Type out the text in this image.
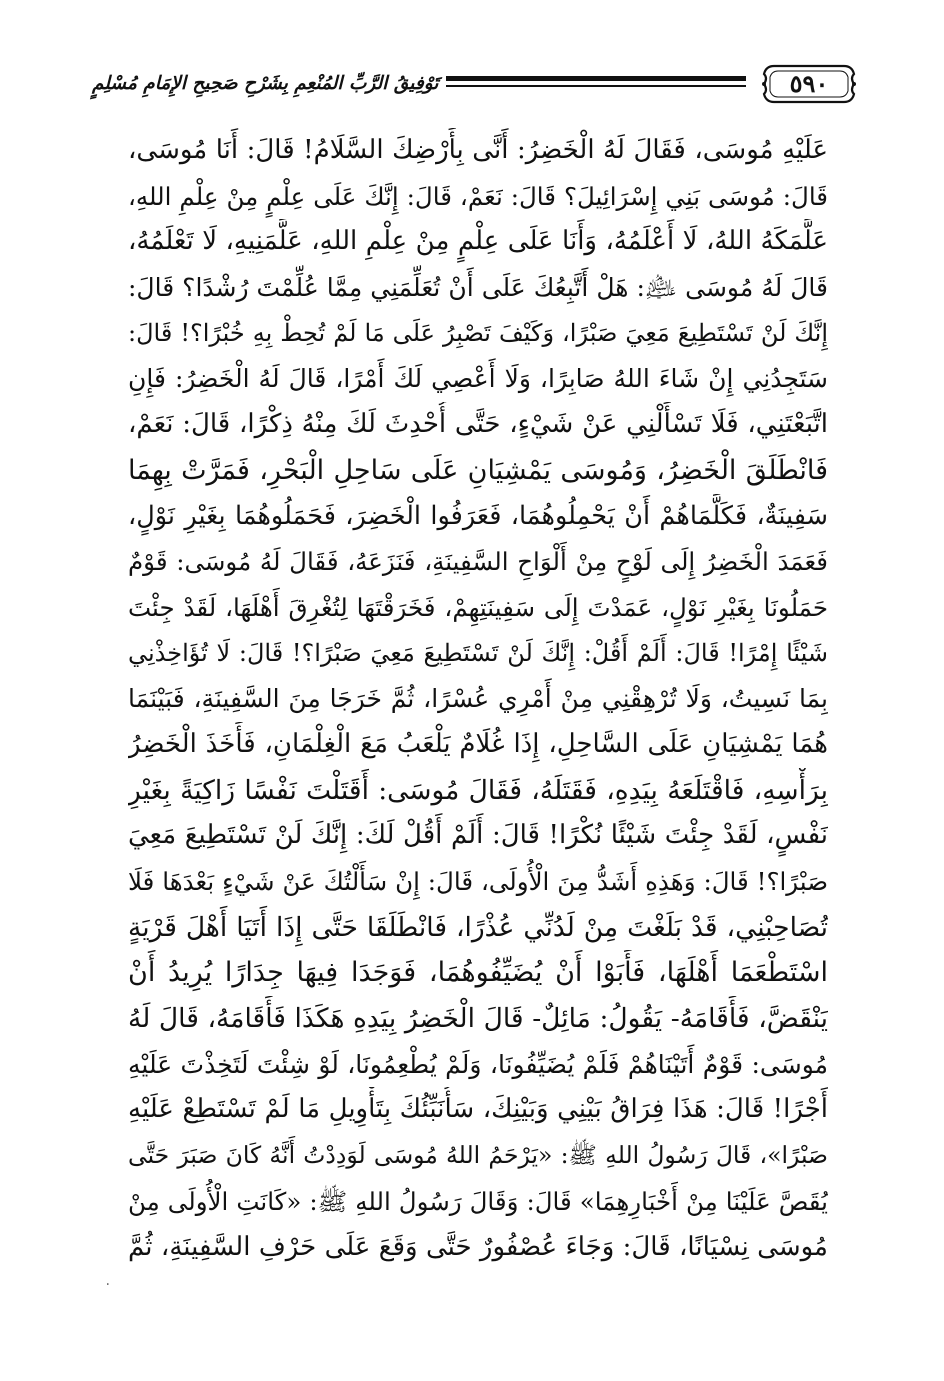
٥٩٠
تَوْفِيقُ الرَّبِّ المُنْعِمِ بِشَرْحِ صَحِيحِ الإِمَامِ مُسْلِمٍ
عَلَيْهِ مُوسَى، فَقَالَ لَهُ الْخَضِرُ: أَنَّى بِأَرْضِكَ السَّلَامُ! قَالَ: أَنَا مُوسَى،
قَالَ: مُوسَى بَنِي إِسْرَائِيلَ؟ قَالَ: نَعَمْ، قَالَ: إِنَّكَ عَلَى عِلْمٍ مِنْ عِلْمِ اللهِ،
عَلَّمَكَهُ اللهُ، لَا أَعْلَمُهُ، وَأَنَا عَلَى عِلْمٍ مِنْ عِلْمِ اللهِ، عَلَّمَنِيهِ، لَا تَعْلَمُهُ،
قَالَ لَهُ مُوسَى ﵇: هَلْ أَتَّبِعُكَ عَلَى أَنْ تُعَلِّمَنِي مِمَّا عُلِّمْتَ رُشْدًا؟ قَالَ:
إِنَّكَ لَنْ تَسْتَطِيعَ مَعِيَ صَبْرًا، وَكَيْفَ تَصْبِرُ عَلَى مَا لَمْ تُحِطْ بِهِ خُبْرًا؟! قَالَ:
سَتَجِدُنِي إِنْ شَاءَ اللهُ صَابِرًا، وَلَا أَعْصِي لَكَ أَمْرًا، قَالَ لَهُ الْخَضِرُ: فَإِنِ
اتَّبَعْتَنِي، فَلَا تَسْأَلْنِي عَنْ شَيْءٍ، حَتَّى أُحْدِثَ لَكَ مِنْهُ ذِكْرًا، قَالَ: نَعَمْ،
فَانْطَلَقَ الْخَضِرُ، وَمُوسَى يَمْشِيَانِ عَلَى سَاحِلِ الْبَحْرِ، فَمَرَّتْ بِهِمَا
سَفِينَةٌ، فَكَلَّمَاهُمْ أَنْ يَحْمِلُوهُمَا، فَعَرَفُوا الْخَضِرَ، فَحَمَلُوهُمَا بِغَيْرِ نَوْلٍ،
فَعَمَدَ الْخَضِرُ إِلَى لَوْحٍ مِنْ أَلْوَاحِ السَّفِينَةِ، فَنَزَعَهُ، فَقَالَ لَهُ مُوسَى: قَوْمٌ
حَمَلُونَا بِغَيْرِ نَوْلٍ، عَمَدْتَ إِلَى سَفِينَتِهِمْ، فَخَرَقْتَهَا لِتُغْرِقَ أَهْلَهَا، لَقَدْ جِئْتَ
شَيْئًا إِمْرًا! قَالَ: أَلَمْ أَقُلْ: إِنَّكَ لَنْ تَسْتَطِيعَ مَعِيَ صَبْرًا؟! قَالَ: لَا تُؤَاخِذْنِي
بِمَا نَسِيتُ، وَلَا تُرْهِقْنِي مِنْ أَمْرِي عُسْرًا، ثُمَّ خَرَجَا مِنَ السَّفِينَةِ، فَبَيْنَمَا
هُمَا يَمْشِيَانِ عَلَى السَّاحِلِ، إِذَا غُلَامٌ يَلْعَبُ مَعَ الْغِلْمَانِ، فَأَخَذَ الْخَضِرُ
بِرَأْسِهِ، فَاقْتَلَعَهُ بِيَدِهِ، فَقَتَلَهُ، فَقَالَ مُوسَى: أَقَتَلْتَ نَفْسًا زَاكِيَةً بِغَيْرِ
نَفْسٍ، لَقَدْ جِئْتَ شَيْئًا نُكْرًا! قَالَ: أَلَمْ أَقُلْ لَكَ: إِنَّكَ لَنْ تَسْتَطِيعَ مَعِيَ
صَبْرًا؟! قَالَ: وَهَذِهِ أَشَدُّ مِنَ الْأُولَى، قَالَ: إِنْ سَأَلْتُكَ عَنْ شَيْءٍ بَعْدَهَا فَلَا
تُصَاحِبْنِي، قَدْ بَلَغْتَ مِنْ لَدُنِّي عُذْرًا، فَانْطَلَقَا حَتَّى إِذَا أَتَيَا أَهْلَ قَرْيَةٍ
اسْتَطْعَمَا أَهْلَهَا، فَأَبَوْا أَنْ يُضَيِّفُوهُمَا، فَوَجَدَا فِيهَا جِدَارًا يُرِيدُ أَنْ
يَنْقَضَّ، فَأَقَامَهُ- يَقُولُ: مَائِلٌ- قَالَ الْخَضِرُ بِيَدِهِ هَكَذَا فَأَقَامَهُ، قَالَ لَهُ
مُوسَى: قَوْمٌ أَتَيْنَاهُمْ فَلَمْ يُضَيِّفُونَا، وَلَمْ يُطْعِمُونَا، لَوْ شِئْتَ لَتَخِذْتَ عَلَيْهِ
أَجْرًا! قَالَ: هَذَا فِرَاقُ بَيْنِي وَبَيْنِكَ، سَأُنَبِّئُكَ بِتَأْوِيلِ مَا لَمْ تَسْتَطِعْ عَلَيْهِ
صَبْرًا»، قَالَ رَسُولُ اللهِ ﷺ: «يَرْحَمُ اللهُ مُوسَى لَوَدِدْتُ أَنَّهُ كَانَ صَبَرَ حَتَّى
يُقَصَّ عَلَيْنَا مِنْ أَخْبَارِهِمَا» قَالَ: وَقَالَ رَسُولُ اللهِ ﷺ: «كَانَتِ الْأُولَى مِنْ
مُوسَى نِسْيَانًا، قَالَ: وَجَاءَ عُصْفُورٌ حَتَّى وَقَعَ عَلَى حَرْفِ السَّفِينَةِ، ثُمَّ
٠
